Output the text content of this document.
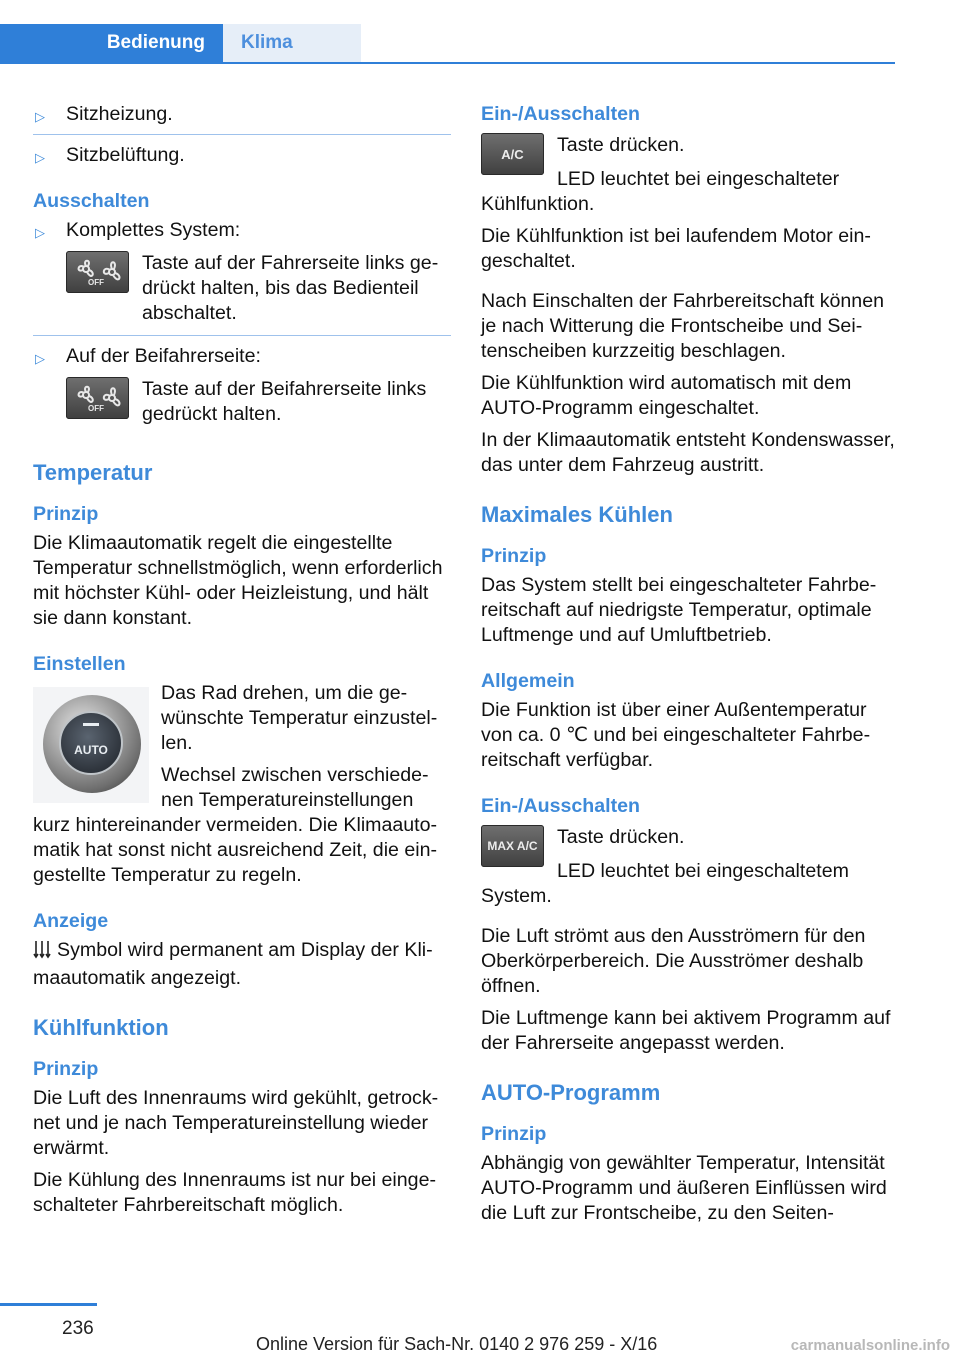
Bedienung	Klima
▷ Sitzheizung.
▷ Sitzbelüftung.
Ausschalten
▷ Komplettes System:
OFF
Taste auf der Fahrerseite links gedrückt halten, bis das Bedienteil abschaltet.
▷ Auf der Beifahrerseite:
OFF
Taste auf der Beifahrerseite links gedrückt halten.
Temperatur
Prinzip

Die Klimaautomatik regelt die eingestellte Temperatur schnellstmöglich, wenn erforderlich mit höchster Kühl- oder Heizleistung, und hält sie dann konstant.

Einstellen
AUTO

Das Rad drehen, um die gewünschte Temperatur einzustellen.

Wechsel zwischen verschiedenen Temperatureinstellungen kurz hintereinander vermeiden. Die Klimaautomatik hat sonst nicht ausreichend Zeit, die eingestellte Temperatur zu regeln.

Anzeige

Symbol wird permanent am Display der Klimaautomatik angezeigt.

Kühlfunktion
Prinzip

Die Luft des Innenraums wird gekühlt, getrocknet und je nach Temperatureinstellung wieder erwärmt.

Die Kühlung des Innenraums ist nur bei eingeschalteter Fahrbereitschaft möglich.

Ein-/Ausschalten
A/C Taste drücken.

LED leuchtet bei eingeschalteter Kühlfunktion.

Die Kühlfunktion ist bei laufendem Motor eingeschaltet.

Nach Einschalten der Fahrbereitschaft können je nach Witterung die Frontscheibe und Seitenscheiben kurzzeitig beschlagen.

Die Kühlfunktion wird automatisch mit dem AUTO-Programm eingeschaltet.

In der Klimaautomatik entsteht Kondenswasser, das unter dem Fahrzeug austritt.

Maximales Kühlen
Prinzip

Das System stellt bei eingeschalteter Fahrbereitschaft auf niedrigste Temperatur, optimale Luftmenge und auf Umluftbetrieb.

Allgemein

Die Funktion ist über einer Außentemperatur von ca. 0 ℃ und bei eingeschalteter Fahrbereitschaft verfügbar.

Ein-/Ausschalten
MAX A/C Taste drücken.

LED leuchtet bei eingeschaltetem System.

Die Luft strömt aus den Ausströmern für den Oberkörperbereich. Die Ausströmer deshalb öffnen.

Die Luftmenge kann bei aktivem Programm auf der Fahrerseite angepasst werden.

AUTO-Programm
Prinzip

Abhängig von gewählter Temperatur, Intensität AUTO-Programm und äußeren Einflüssen wird die Luft zur Frontscheibe, zu den Seiten-

236
Online Version für Sach-Nr. 0140 2 976 259 - X/16	carmanualsonline.info
